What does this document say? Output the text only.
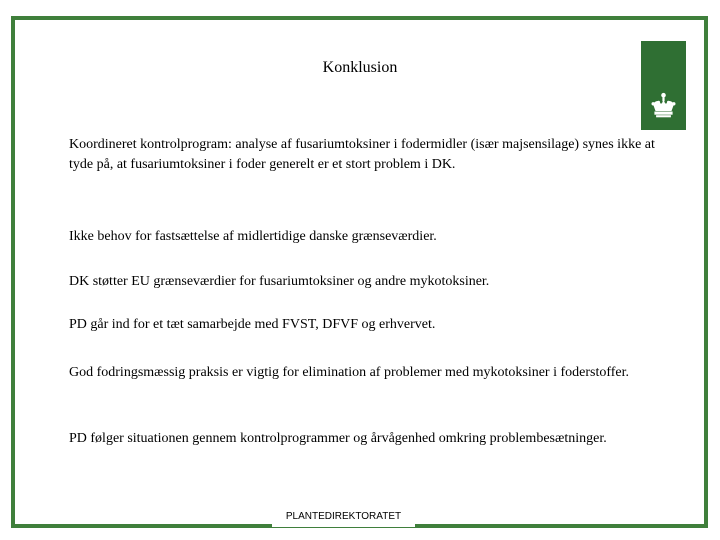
Konklusion

Koordineret kontrolprogram: analyse af fusariumtoksiner i fodermidler (især majsensilage) synes ikke at tyde på, at fusariumtoksiner i foder generelt er et stort problem i DK.

Ikke behov for fastsættelse af midlertidige danske grænseværdier.

DK støtter EU grænseværdier for fusariumtoksiner og andre mykotoksiner.

PD går ind for et tæt samarbejde med FVST, DFVF og erhvervet.

God fodringsmæssig praksis er vigtig for elimination af problemer med mykotoksiner i foderstoffer.

PD følger situationen gennem kontrolprogrammer og årvågenhed omkring problembesætninger.

PLANTEDIREKTORATET
